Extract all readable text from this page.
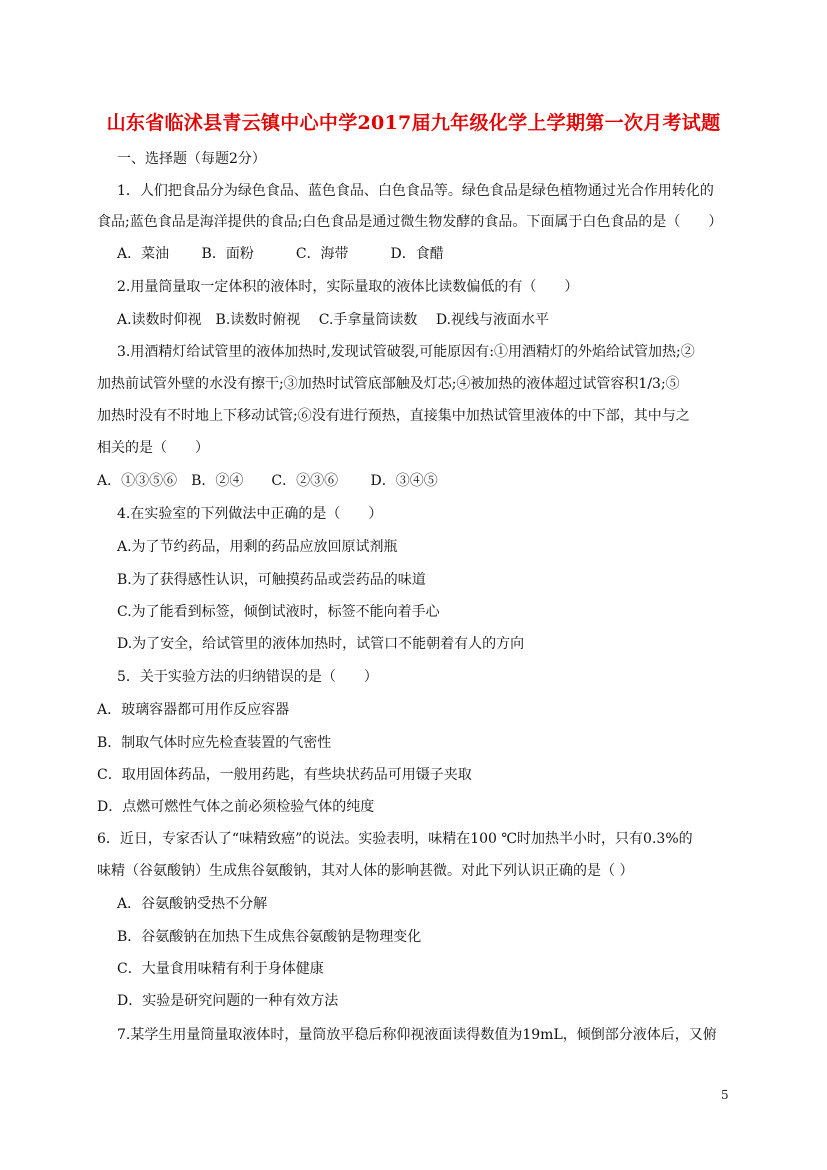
山东省临沭县青云镇中心中学2017届九年级化学上学期第一次月考试题
一、选择题（每题2分）
1．人们把食品分为绿色食品、蓝色食品、白色食品等。绿色食品是绿色植物通过光合作用转化的
食品;蓝色食品是海洋提供的食品;白色食品是通过微生物发酵的食品。下面属于白色食品的是（　　）
A．菜油　　 B．面粉　　　C．海带　　　D．食醋
2.用量筒量取一定体积的液体时，实际量取的液体比读数偏低的有（　　）
A.读数时仰视　B.读数时俯视　 C.手拿量筒读数　 D.视线与液面水平
3.用酒精灯给试管里的液体加热时,发现试管破裂,可能原因有:①用酒精灯的外焰给试管加热;②
加热前试管外壁的水没有擦干;③加热时试管底部触及灯芯;④被加热的液体超过试管容积1/3;⑤
加热时没有不时地上下移动试管;⑥没有进行预热，直接集中加热试管里液体的中下部，其中与之
相关的是（　　）
A．①③⑤⑥　B．②④　　C．②③⑥　　 D．③④⑤
4.在实验室的下列做法中正确的是（　　）
A.为了节约药品，用剩的药品应放回原试剂瓶
B.为了获得感性认识，可触摸药品或尝药品的味道
C.为了能看到标签，倾倒试液时，标签不能向着手心
D.为了安全，给试管里的液体加热时，试管口不能朝着有人的方向
5．关于实验方法的归纳错误的是（　　）
A．玻璃容器都可用作反应容器
B．制取气体时应先检查装置的气密性
C．取用固体药品，一般用药匙，有些块状药品可用镊子夹取
D．点燃可燃性气体之前必须检验气体的纯度
6．近日，专家否认了“味精致癌”的说法。实验表明，味精在100 ℃时加热半小时，只有0.3%的
味精（谷氨酸钠）生成焦谷氨酸钠，其对人体的影响甚微。对此下列认识正确的是（ ）
A．谷氨酸钠受热不分解
B．谷氨酸钠在加热下生成焦谷氨酸钠是物理变化
C．大量食用味精有利于身体健康
D．实验是研究问题的一种有效方法
7.某学生用量筒量取液体时，量筒放平稳后称仰视液面读得数值为19mL，倾倒部分液体后，又俯
5
